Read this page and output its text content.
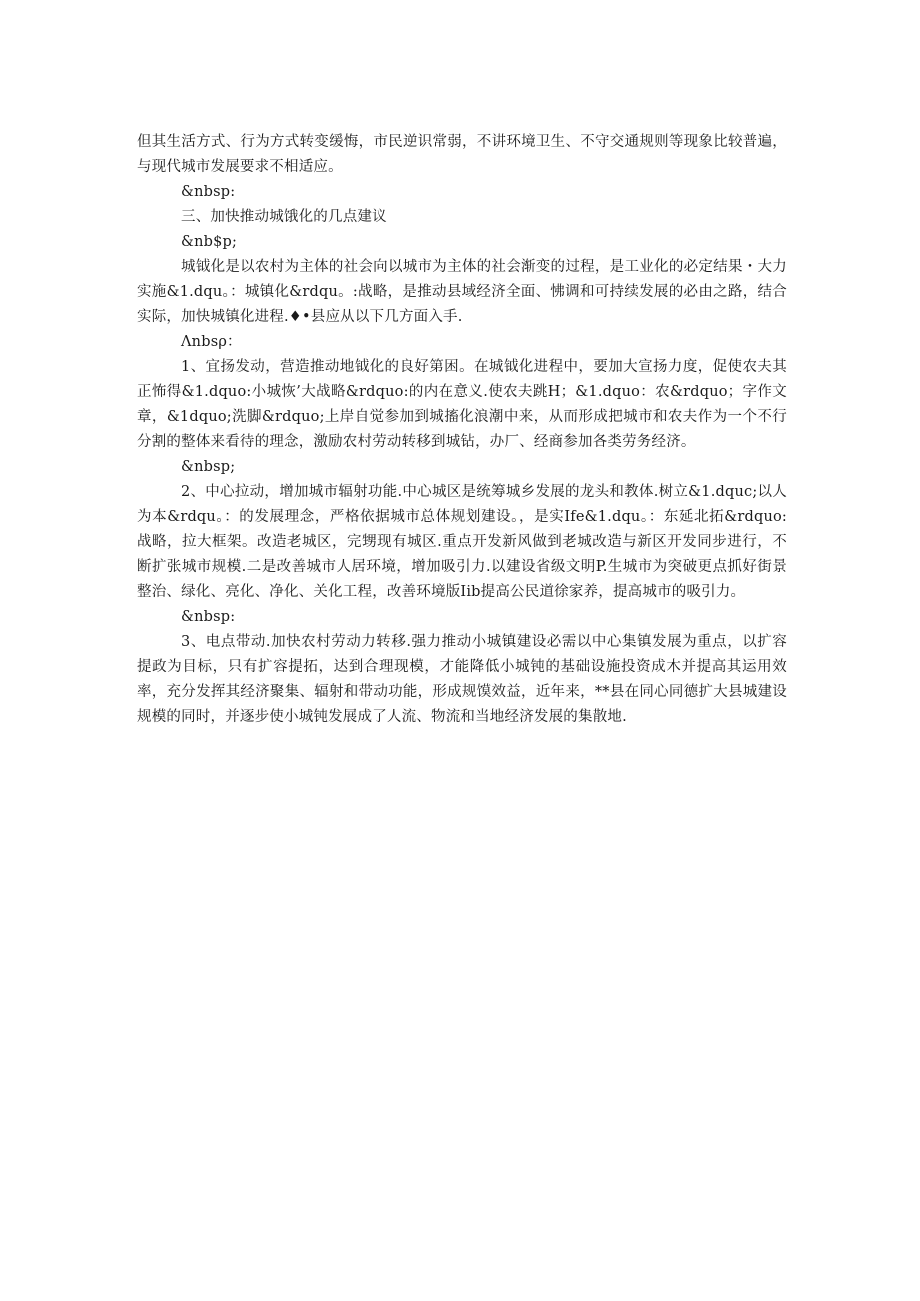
但其生活方式、行为方式转变缓悔，市民逆识常弱，不讲环境卫生、不守交通规则等现象比较普遍，与现代城市发展要求不相适应。

&nbsp:

三、加快推动城饿化的几点建议

&nb$p;

城钺化是以农村为主体的社会向以城市为主体的社会渐变的过程，是工业化的必定结果・大力实施&1.dqu。：城镇化&rdqu。:战略，是推动县域经济全面、怫调和可持续发展的必由之路，结合实际，加快城镇化进程.♦•县应从以下几方面入手.

Λnbsρ：

1、宜扬发动，营造推动地钺化的良好第困。在城钺化进程中，要加大宣扬力度，促使农夫其正怖得&1.dquo:小城恢’大战略&rdquo:的内在意义.使农夫跳H；&1.dquo：农&rdquo；字作文章，&1dquo;洗脚&rdquo;上岸自觉参加到城搐化浪潮中来，从而形成把城市和农夫作为一个不行分割的整体来看待的理念，激励农村劳动转移到城钻，办厂、经商参加各类劳务经济。

&nbsp;

2、中心拉动，增加城市辐射功能.中心城区是统筹城乡发展的龙头和教体.树立&1.dquc;以人为本&rdqu。：的发展理念，严格依据城市总体规划建设。，是实Ife&1.dqu。：东延北拓&rdquo:战略，拉大框架。改造老城区，完甥现有城区.重点开发新风做到老城改造与新区开发同步进行，不断扩张城市规模.二是改善城市人居环境，增加吸引力.以建设省级文明P.生城市为突破更点抓好街景整治、绿化、亮化、净化、关化工程，改善环境版Iib提高公民道徐家养，提高城市的吸引力。

&nbsp:

3、电点带动.加快农村劳动力转移.强力推动小城镇建设必需以中心集镇发展为重点，以扩容提政为目标，只有扩容提拓，达到合理现模，才能降低小城钝的基础设施投资成木并提高其运用效率，充分发挥其经济聚集、辐射和带动功能，形成规馍效益，近年来，**县在同心同德扩大县城建设规模的同时，并逐步使小城钝发展成了人流、物流和当地经济发展的集散地.
